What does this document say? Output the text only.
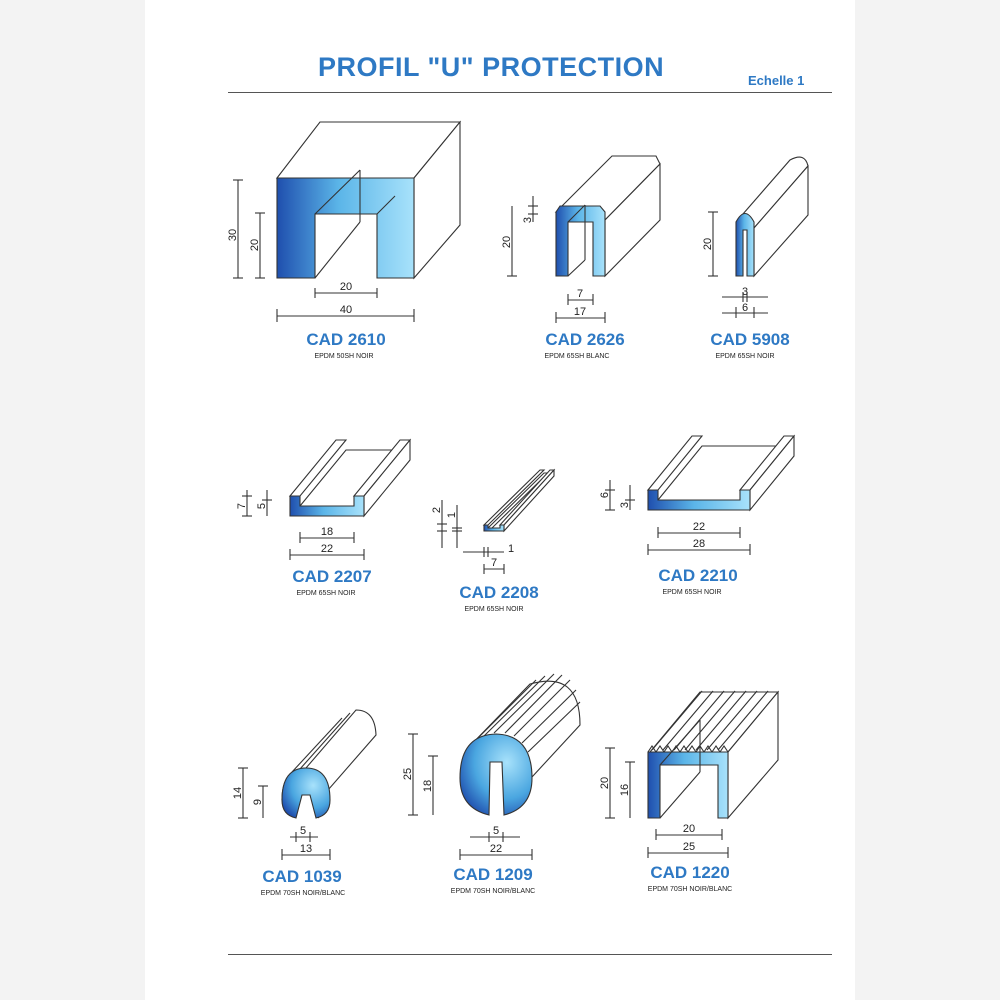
PROFIL "U" PROTECTION	Echelle 1
30
20
20
40
3
20
7
17
20
3
6
7 5
18
22
2
1
1
7
6
3
22
28
14
9
5
13
25
18
5
22
20
16
20
25
CAD 2610
EPDM 50SH NOIR
CAD 2626
EPDM 65SH BLANC
CAD 5908
EPDM 65SH NOIR
CAD 2207
EPDM 65SH NOIR	CAD 2208
EPDM 65SH NOIR
CAD 2210
EPDM 65SH NOIR
CAD 1039
EPDM 70SH NOIR/BLANC
CAD 1209
EPDM 70SH NOIR/BLANC
CAD 1220
EPDM 70SH NOIR/BLANC
